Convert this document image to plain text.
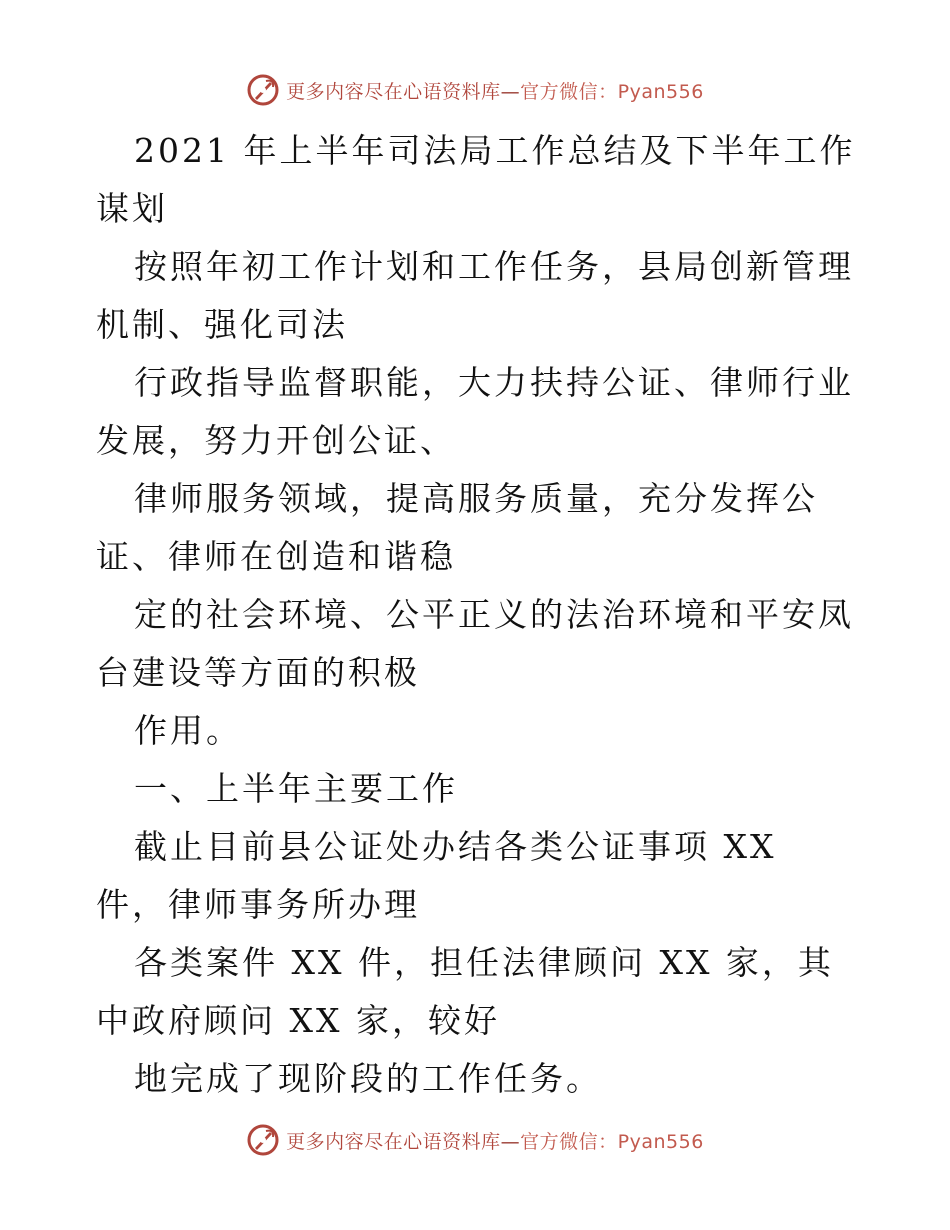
更多内容尽在心语资料库—官方微信：Pyan556

2021 年上半年司法局工作总结及下半年工作谋划

按照年初工作计划和工作任务，县局创新管理机制、强化司法

行政指导监督职能，大力扶持公证、律师行业发展，努力开创公证、

律师服务领域，提高服务质量，充分发挥公证、律师在创造和谐稳

定的社会环境、公平正义的法治环境和平安凤台建设等方面的积极

作用。

一、上半年主要工作

截止目前县公证处办结各类公证事项 XX 件，律师事务所办理

各类案件 XX 件，担任法律顾问 XX 家，其中政府顾问 XX 家，较好

地完成了现阶段的工作任务。

更多内容尽在心语资料库—官方微信：Pyan556
